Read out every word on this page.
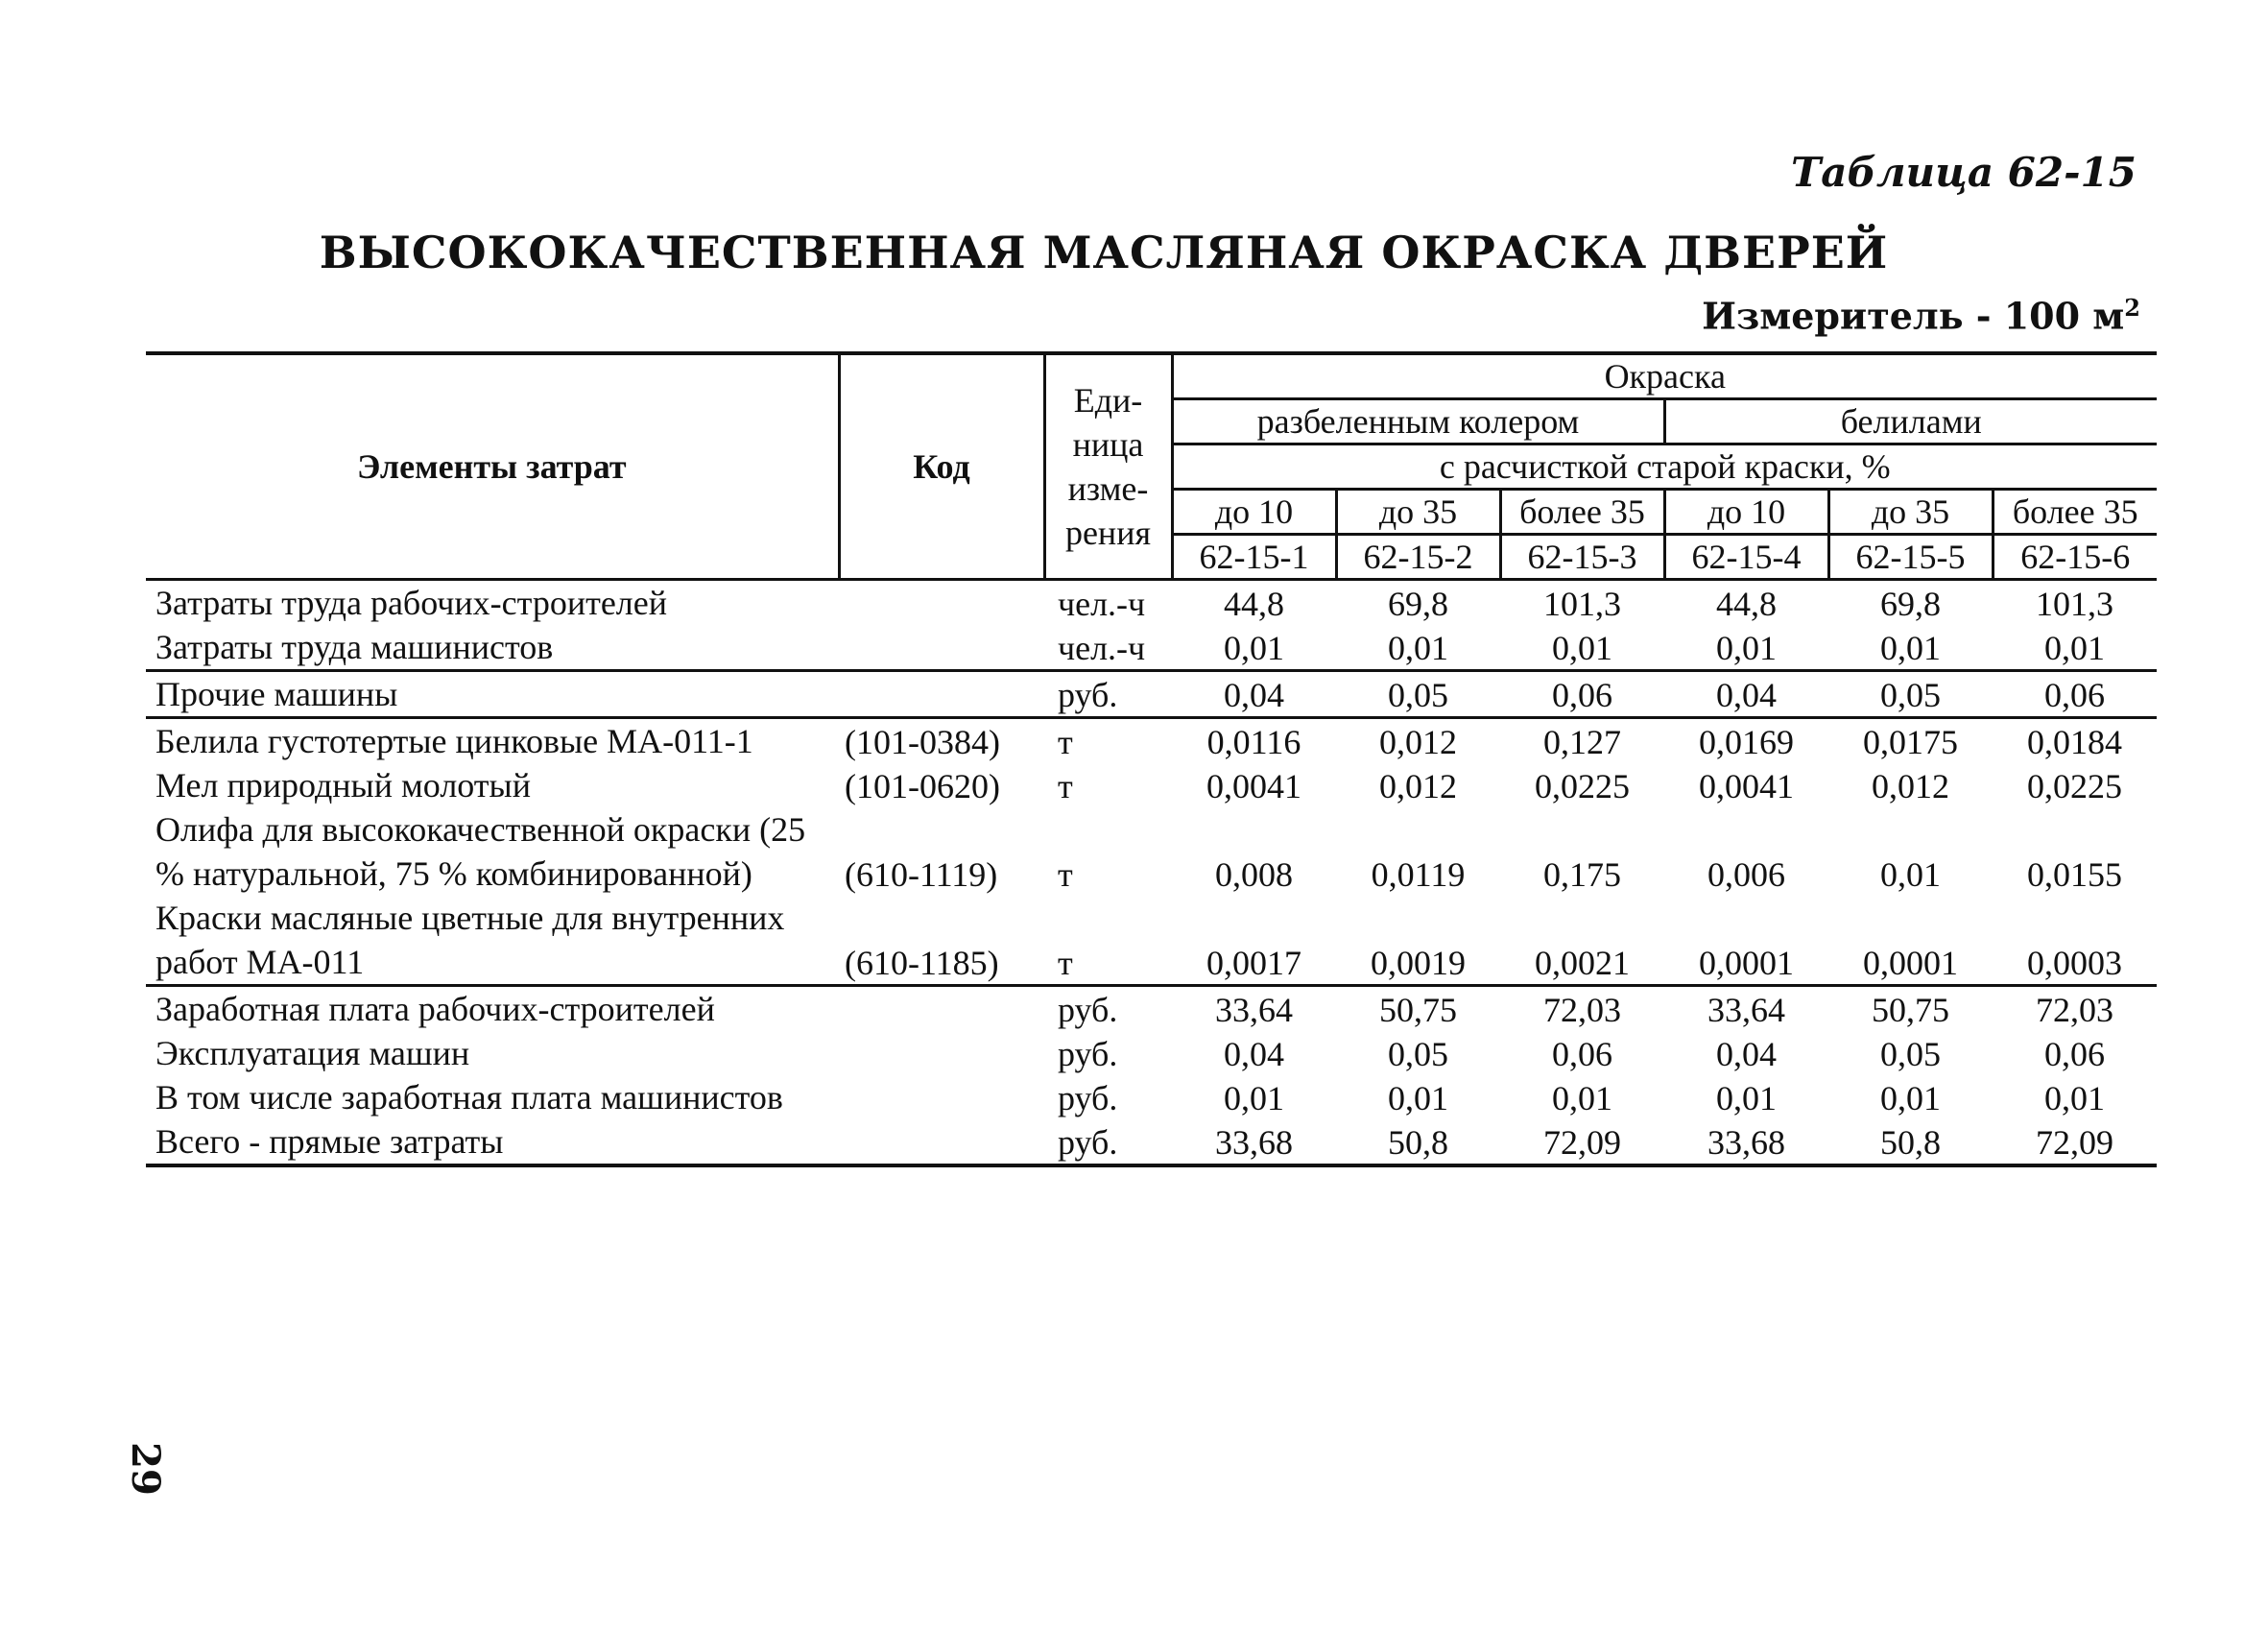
Таблица 62-15
ВЫСОКОКАЧЕСТВЕННАЯ МАСЛЯНАЯ ОКРАСКА ДВЕРЕЙ
Измеритель - 100 $м^2$
Элементы затрат	Код	Еди-
ница
изме-
рения	Окраска					
			разбеленным колером			белилами		
			с расчисткой старой краски, %					
			до 10	до 35	более 35	до 10	до 35	более 35
			62-15-1	62-15-2	62-15-3	62-15-4	62-15-5	62-15-6
Затраты труда рабочих-строителей		чел.-ч	44,8	69,8	101,3	44,8	69,8	101,3
Затраты труда машинистов		чел.-ч	0,01	0,01	0,01	0,01	0,01	0,01
Прочие машины		руб.	0,04	0,05	0,06	0,04	0,05	0,06
Белила густотертые цинковые МА-011-1	(101-0384)	т	0,0116	0,012	0,127	0,0169	0,0175	0,0184
Мел природный молотый	(101-0620)	т	0,0041	0,012	0,0225	0,0041	0,012	0,0225
Олифа для высококачественной окраски (25 % натуральной, 75 % комбинированной)	(610-1119)	т	0,008	0,0119	0,175	0,006	0,01	0,0155
Краски масляные цветные для внутренних работ МА-011	(610-1185)	т	0,0017	0,0019	0,0021	0,0001	0,0001	0,0003
Заработная плата рабочих-строителей		руб.	33,64	50,75	72,03	33,64	50,75	72,03
Эксплуатация машин		руб.	0,04	0,05	0,06	0,04	0,05	0,06
В том числе заработная плата машинистов		руб.	0,01	0,01	0,01	0,01	0,01	0,01
Всего - прямые затраты		руб.	33,68	50,8	72,09	33,68	50,8	72,09
29
